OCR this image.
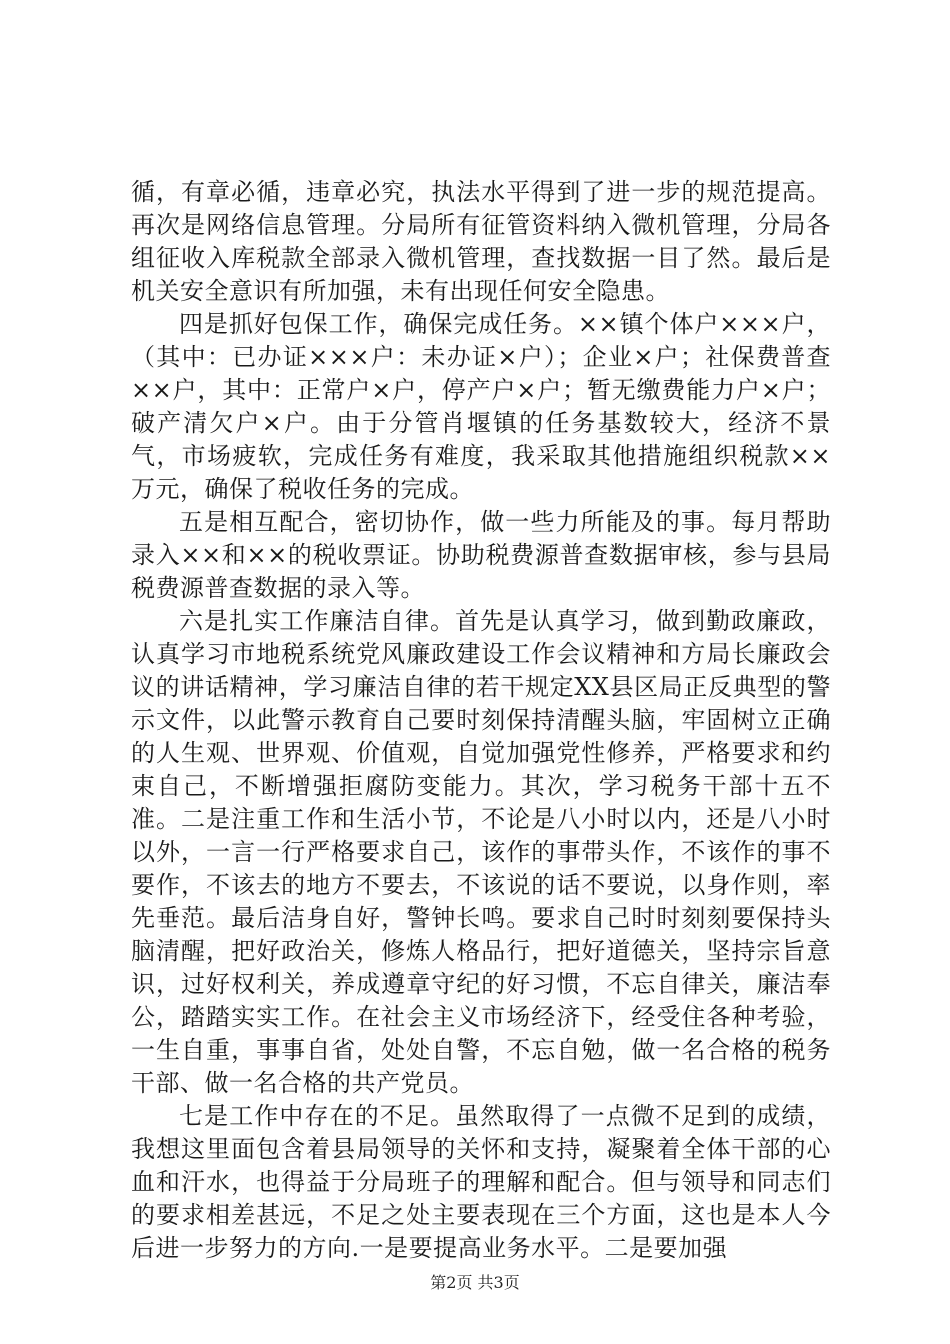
循，有章必循，违章必究，执法水平得到了进一步的规范提高。再次是网络信息管理。分局所有征管资料纳入微机管理，分局各组征收入库税款全部录入微机管理，查找数据一目了然。最后是机关安全意识有所加强，未有出现任何安全隐患。

四是抓好包保工作，确保完成任务。××镇个体户×××户，（其中：已办证×××户：未办证×户）；企业×户；社保费普查××户，其中：正常户×户，停产户×户；暂无缴费能力户×户；破产清欠户×户。由于分管肖堰镇的任务基数较大，经济不景气，市场疲软，完成任务有难度，我采取其他措施组织税款××万元，确保了税收任务的完成。

五是相互配合，密切协作，做一些力所能及的事。每月帮助录入××和××的税收票证。协助税费源普查数据审核，参与县局税费源普查数据的录入等。

六是扎实工作廉洁自律。首先是认真学习，做到勤政廉政，认真学习市地税系统党风廉政建设工作会议精神和方局长廉政会议的讲话精神，学习廉洁自律的若干规定XX县区局正反典型的警示文件，以此警示教育自己要时刻保持清醒头脑，牢固树立正确的人生观、世界观、价值观，自觉加强党性修养，严格要求和约束自己，不断增强拒腐防变能力。其次，学习税务干部十五不准。二是注重工作和生活小节，不论是八小时以内，还是八小时以外，一言一行严格要求自己，该作的事带头作，不该作的事不要作，不该去的地方不要去，不该说的话不要说，以身作则，率先垂范。最后洁身自好，警钟长鸣。要求自己时时刻刻要保持头脑清醒，把好政治关，修炼人格品行，把好道德关，坚持宗旨意识，过好权利关，养成遵章守纪的好习惯，不忘自律关，廉洁奉公，踏踏实实工作。在社会主义市场经济下，经受住各种考验，一生自重，事事自省，处处自警，不忘自勉，做一名合格的税务干部、做一名合格的共产党员。

七是工作中存在的不足。虽然取得了一点微不足到的成绩，我想这里面包含着县局领导的关怀和支持，凝聚着全体干部的心血和汗水，也得益于分局班子的理解和配合。但与领导和同志们的要求相差甚远，不足之处主要表现在三个方面，这也是本人今后进一步努力的方向.一是要提高业务水平。二是要加强

第2页 共3页
